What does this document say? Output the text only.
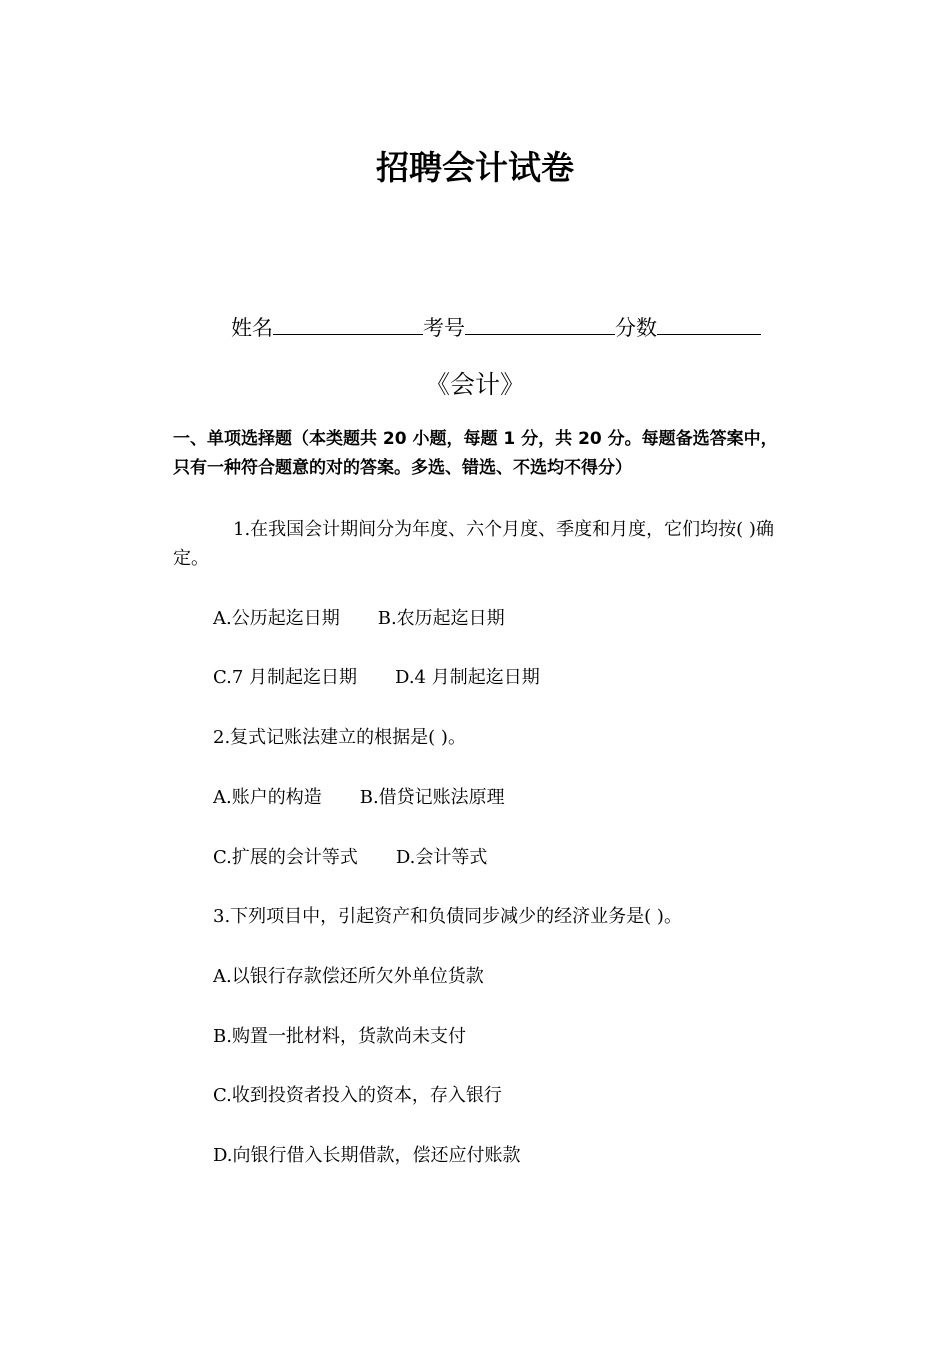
招聘会计试卷
姓名	考号	分数
《会计》
一、单项选择题（本类题共 20 小题，每题 1 分，共 20 分。每题备选答案中，只有一种符合题意的对的答案。多选、错选、不选均不得分）
1.在我国会计期间分为年度、六个月度、季度和月度，它们均按( )确定。
A.公历起迄日期 B.农历起迄日期
C.7 月制起迄日期 D.4 月制起迄日期
2.复式记账法建立的根据是( )。
A.账户的构造 B.借贷记账法原理
C.扩展的会计等式 D.会计等式
3.下列项目中，引起资产和负债同步减少的经济业务是( )。
A.以银行存款偿还所欠外单位货款
B.购置一批材料，货款尚未支付
C.收到投资者投入的资本，存入银行
D.向银行借入长期借款，偿还应付账款
